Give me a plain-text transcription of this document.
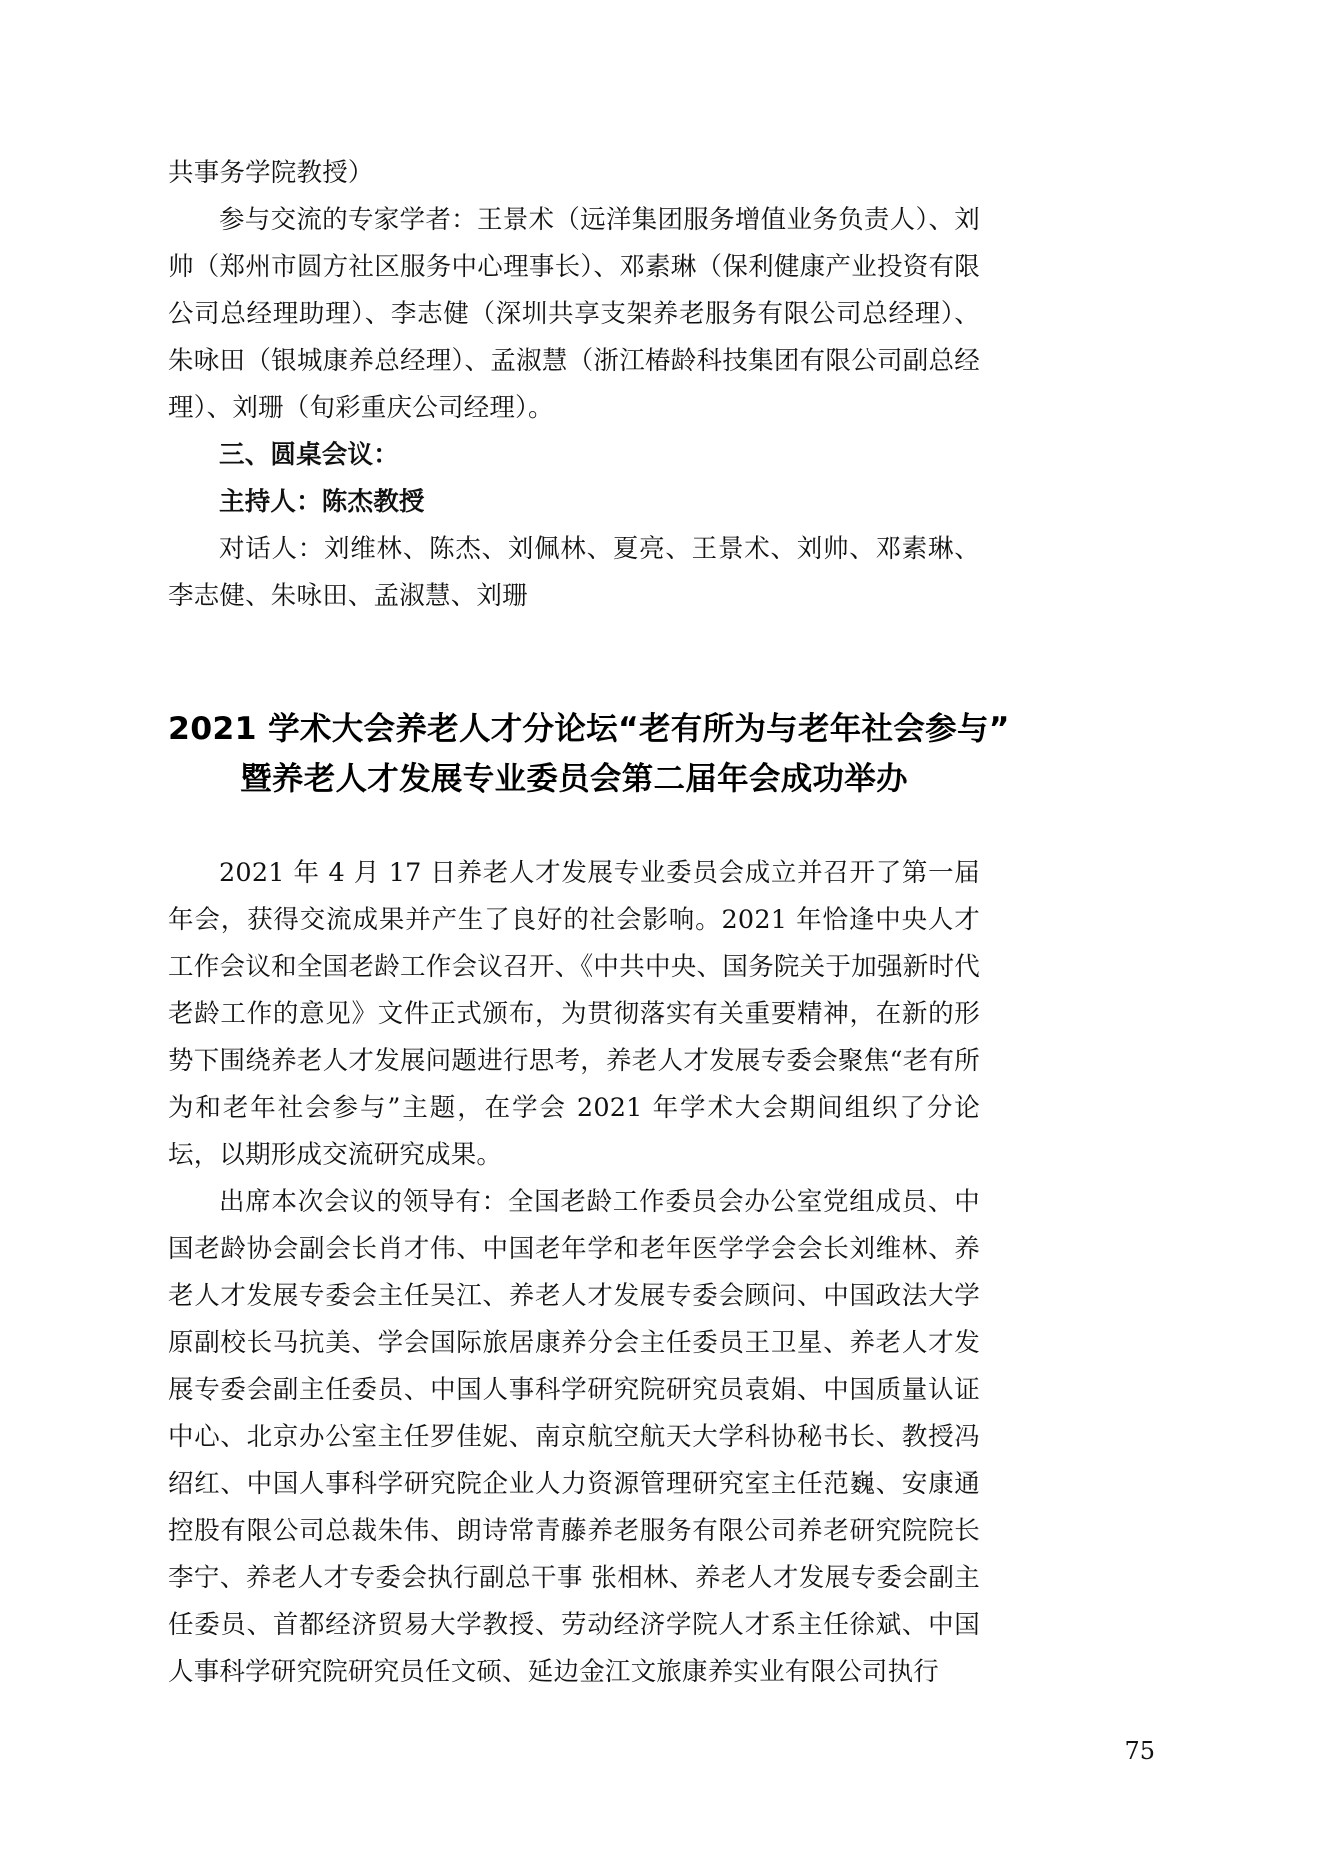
共事务学院教授）

参与交流的专家学者：王景术（远洋集团服务增值业务负责人）、刘帅（郑州市圆方社区服务中心理事长）、邓素琳（保利健康产业投资有限公司总经理助理）、李志健（深圳共享支架养老服务有限公司总经理）、朱咏田（银城康养总经理）、孟淑慧（浙江椿龄科技集团有限公司副总经理）、刘珊（旬彩重庆公司经理）。

三、圆桌会议：

主持人：陈杰教授

对话人：刘维林、陈杰、刘佩林、夏亮、王景术、刘帅、邓素琳、李志健、朱咏田、孟淑慧、刘珊

2021 学术大会养老人才分论坛“老有所为与老年社会参与”
暨养老人才发展专业委员会第二届年会成功举办

2021 年 4 月 17 日养老人才发展专业委员会成立并召开了第一届年会，获得交流成果并产生了良好的社会影响。2021 年恰逢中央人才工作会议和全国老龄工作会议召开、《中共中央、国务院关于加强新时代老龄工作的意见》文件正式颁布，为贯彻落实有关重要精神，在新的形势下围绕养老人才发展问题进行思考，养老人才发展专委会聚焦“老有所为和老年社会参与”主题，在学会 2021 年学术大会期间组织了分论坛，以期形成交流研究成果。

出席本次会议的领导有：全国老龄工作委员会办公室党组成员、中国老龄协会副会长肖才伟、中国老年学和老年医学学会会长刘维林、养老人才发展专委会主任吴江、养老人才发展专委会顾问、中国政法大学原副校长马抗美、学会国际旅居康养分会主任委员王卫星、养老人才发展专委会副主任委员、中国人事科学研究院研究员袁娟、中国质量认证中心、北京办公室主任罗佳妮、南京航空航天大学科协秘书长、教授冯绍红、中国人事科学研究院企业人力资源管理研究室主任范巍、安康通控股有限公司总裁朱伟、朗诗常青藤养老服务有限公司养老研究院院长李宁、养老人才专委会执行副总干事 张相林、养老人才发展专委会副主任委员、首都经济贸易大学教授、劳动经济学院人才系主任徐斌、中国人事科学研究院研究员任文硕、延边金江文旅康养实业有限公司执行

75
